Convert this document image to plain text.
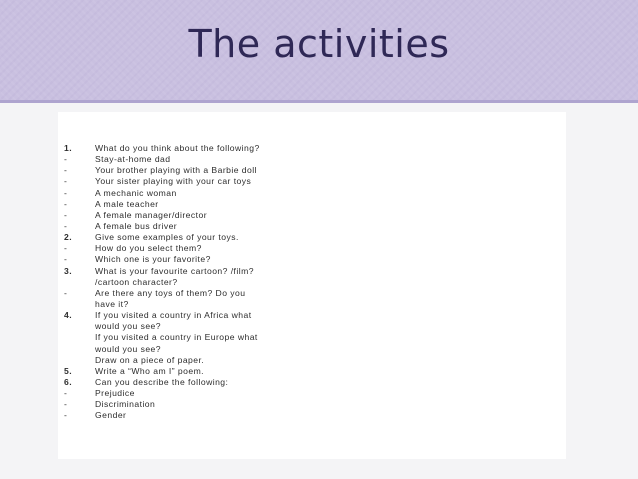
The activities
1.	What do you think about the following?
-	Stay-at-home dad
-	Your brother playing with a Barbie doll
-	Your sister playing with your car toys
-	A mechanic woman
-	A male teacher
-	A female manager/director
-	A female bus driver
2.	Give some examples of your toys.
-	How do you select them?
-	Which one is your favorite?
3.	What is your favourite cartoon? /film?
/cartoon character?
-	Are there any toys of them? Do you
have it?
4.	If you visited a country in Africa what
would you see?
If you visited a country in Europe what
would you see?
Draw on a piece of paper.
5.	Write a “Who am I” poem.
6.	Can you describe the following:
-	Prejudice
-	Discrimination
-	Gender
